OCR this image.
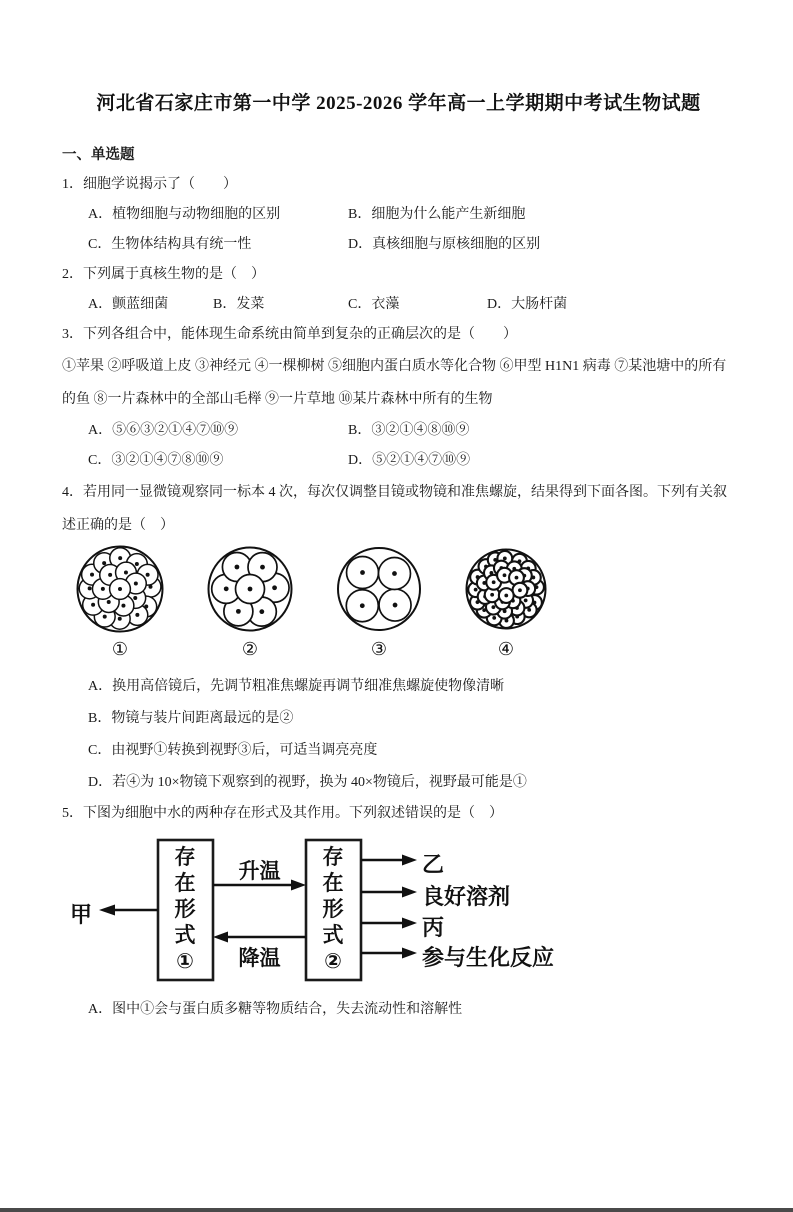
河北省石家庄市第一中学 2025-2026 学年高一上学期期中考试生物试题
一、单选题
1．细胞学说揭示了（　　）
A．植物细胞与动物细胞的区别	B．细胞为什么能产生新细胞
C．生物体结构具有统一性	D．真核细胞与原核细胞的区别
2．下列属于真核生物的是（　）
A．颤蓝细菌	B．发菜	C．衣藻	D．大肠杆菌
3．下列各组合中，能体现生命系统由简单到复杂的正确层次的是（　　）
①苹果 ②呼吸道上皮 ③神经元 ④一棵柳树 ⑤细胞内蛋白质水等化合物 ⑥甲型 H1N1 病毒 ⑦某池塘中的所有的鱼 ⑧一片森林中的全部山毛榉 ⑨一片草地 ⑩某片森林中所有的生物
A．⑤⑥③②①④⑦⑩⑨	B．③②①④⑧⑩⑨
C．③②①④⑦⑧⑩⑨	D．⑤②①④⑦⑩⑨
4．若用同一显微镜观察同一标本 4 次，每次仅调整目镜或物镜和准焦螺旋，结果得到下面各图。下列有关叙述正确的是（　）
①	②	③	④
A．换用高倍镜后，先调节粗准焦螺旋再调节细准焦螺旋使物像清晰
B．物镜与装片间距离最远的是②
C．由视野①转换到视野③后，可适当调亮亮度
D．若④为 10×物镜下观察到的视野，换为 40×物镜后，视野最可能是①
5．下图为细胞中水的两种存在形式及其作用。下列叙述错误的是（　）
存在形式①
存在形式②
甲
升温
降温
乙
良好溶剂
丙
参与生化反应
A．图中①会与蛋白质多糖等物质结合，失去流动性和溶解性
